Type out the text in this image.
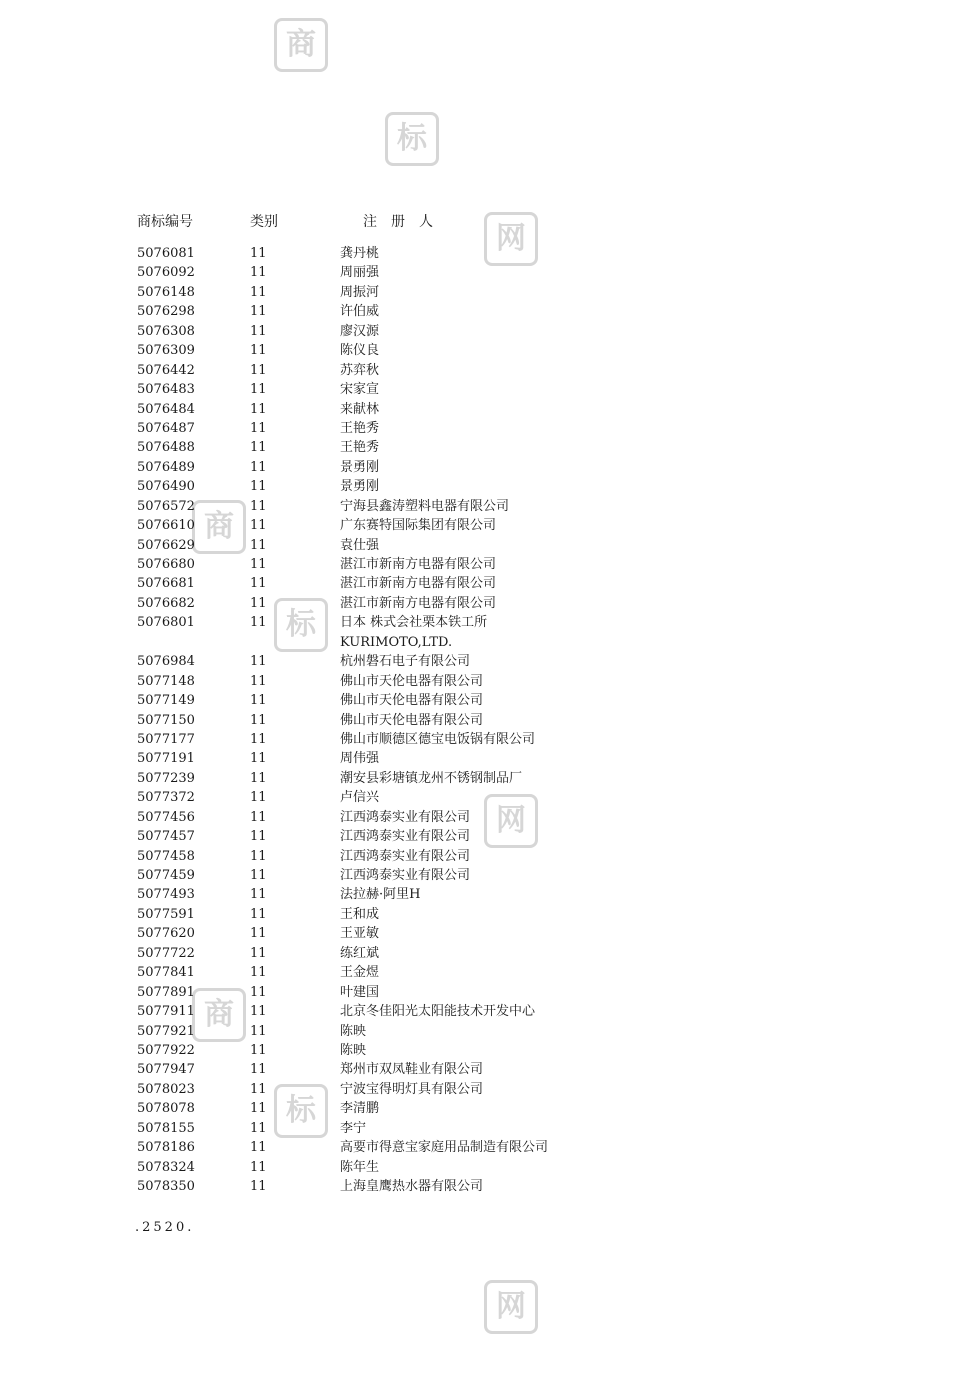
商
标
网
商
标
网
商
标
网
商标编号	类别	注　册　人
5076081	11	龚丹桃
5076092	11	周丽强
5076148	11	周振河
5076298	11	许伯威
5076308	11	廖汉源
5076309	11	陈仪良
5076442	11	苏弈秋
5076483	11	宋家宣
5076484	11	来献林
5076487	11	王艳秀
5076488	11	王艳秀
5076489	11	景勇刚
5076490	11	景勇刚
5076572	11	宁海县鑫涛塑料电器有限公司
5076610	11	广东赛特国际集团有限公司
5076629	11	袁仕强
5076680	11	湛江市新南方电器有限公司
5076681	11	湛江市新南方电器有限公司
5076682	11	湛江市新南方电器有限公司
5076801	11	日本 株式会社栗本铁工所
KURIMOTO,LTD.
5076984	11	杭州磐石电子有限公司
5077148	11	佛山市天伦电器有限公司
5077149	11	佛山市天伦电器有限公司
5077150	11	佛山市天伦电器有限公司
5077177	11	佛山市顺德区德宝电饭锅有限公司
5077191	11	周伟强
5077239	11	潮安县彩塘镇龙州不锈钢制品厂
5077372	11	卢信兴
5077456	11	江西鸿泰实业有限公司
5077457	11	江西鸿泰实业有限公司
5077458	11	江西鸿泰实业有限公司
5077459	11	江西鸿泰实业有限公司
5077493	11	法拉赫·阿里H
5077591	11	王和成
5077620	11	王亚敏
5077722	11	练红斌
5077841	11	王金煜
5077891	11	叶建国
5077911	11	北京冬佳阳光太阳能技术开发中心
5077921	11	陈映
5077922	11	陈映
5077947	11	郑州市双凤鞋业有限公司
5078023	11	宁波宝得明灯具有限公司
5078078	11	李清鹏
5078155	11	李宁
5078186	11	高要市得意宝家庭用品制造有限公司
5078324	11	陈年生
5078350	11	上海皇鹰热水器有限公司
.2520.
